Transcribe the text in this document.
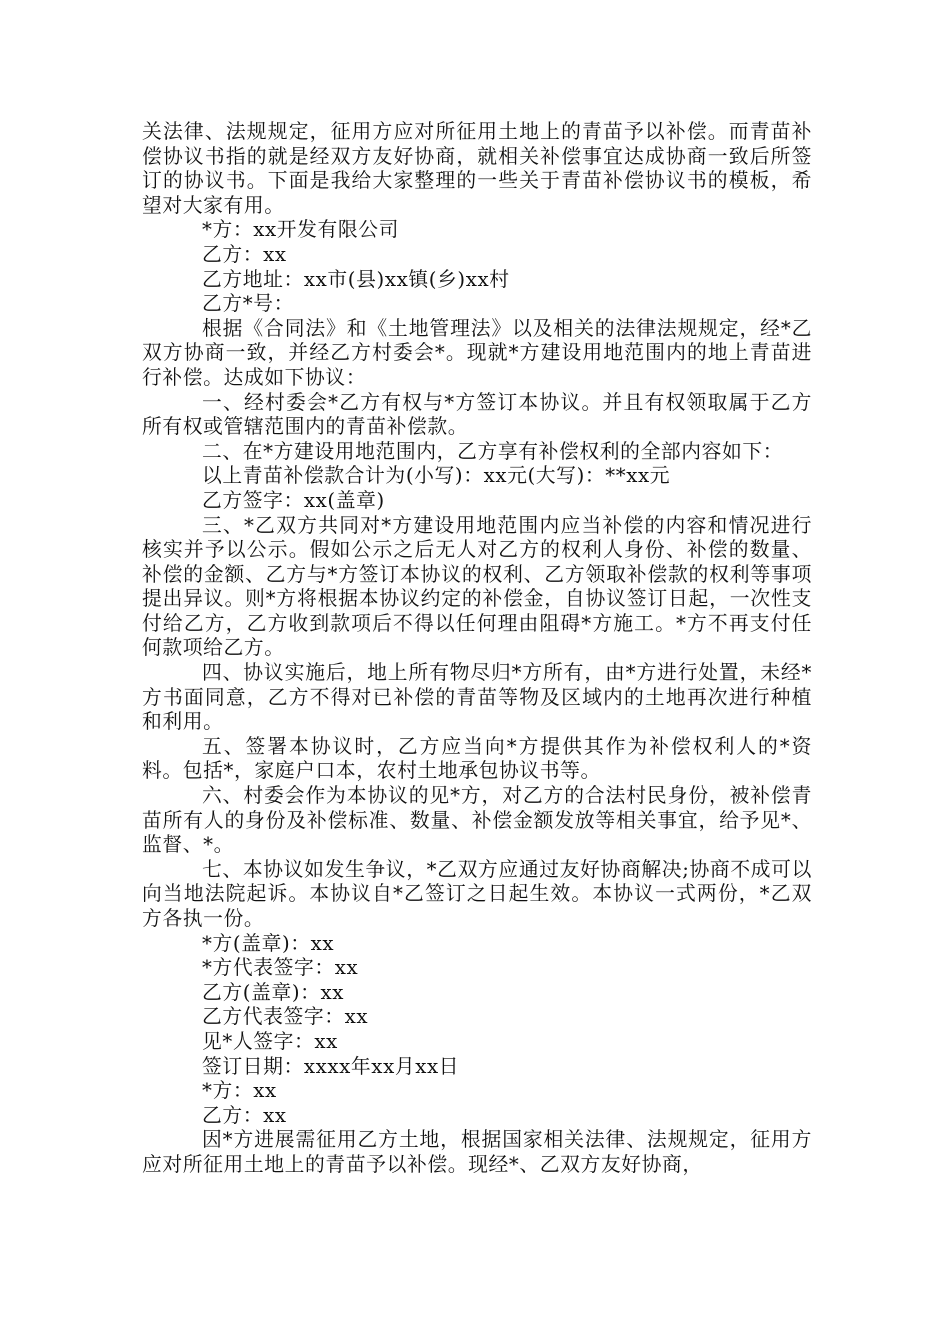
关法律、法规规定，征用方应对所征用土地上的青苗予以补偿。而青苗补偿协议书指的就是经双方友好协商，就相关补偿事宜达成协商一致后所签订的协议书。下面是我给大家整理的一些关于青苗补偿协议书的模板，希望对大家有用。

*方：xx开发有限公司

乙方：xx

乙方地址：xx市(县)xx镇(乡)xx村

乙方*号：

根据《合同法》和《土地管理法》以及相关的法律法规规定，经*乙双方协商一致，并经乙方村委会*。现就*方建设用地范围内的地上青苗进行补偿。达成如下协议：

一、经村委会*乙方有权与*方签订本协议。并且有权领取属于乙方所有权或管辖范围内的青苗补偿款。

二、在*方建设用地范围内，乙方享有补偿权利的全部内容如下：

以上青苗补偿款合计为(小写)：xx元(大写)：**xx元

乙方签字：xx(盖章)

三、*乙双方共同对*方建设用地范围内应当补偿的内容和情况进行核实并予以公示。假如公示之后无人对乙方的权利人身份、补偿的数量、补偿的金额、乙方与*方签订本协议的权利、乙方领取补偿款的权利等事项提出异议。则*方将根据本协议约定的补偿金，自协议签订日起，一次性支付给乙方，乙方收到款项后不得以任何理由阻碍*方施工。*方不再支付任何款项给乙方。

四、协议实施后，地上所有物尽归*方所有，由*方进行处置，未经*方书面同意，乙方不得对已补偿的青苗等物及区域内的土地再次进行种植和利用。

五、签署本协议时，乙方应当向*方提供其作为补偿权利人的*资料。包括*，家庭户口本，农村土地承包协议书等。

六、村委会作为本协议的见*方，对乙方的合法村民身份，被补偿青苗所有人的身份及补偿标准、数量、补偿金额发放等相关事宜，给予见*、监督、*。

七、本协议如发生争议，*乙双方应通过友好协商解决;协商不成可以向当地法院起诉。本协议自*乙签订之日起生效。本协议一式两份，*乙双方各执一份。

*方(盖章)：xx

*方代表签字：xx

乙方(盖章)：xx

乙方代表签字：xx

见*人签字：xx

签订日期：xxxx年xx月xx日

*方：xx

乙方：xx

因*方进展需征用乙方土地，根据国家相关法律、法规规定，征用方应对所征用土地上的青苗予以补偿。现经*、乙双方友好协商，
